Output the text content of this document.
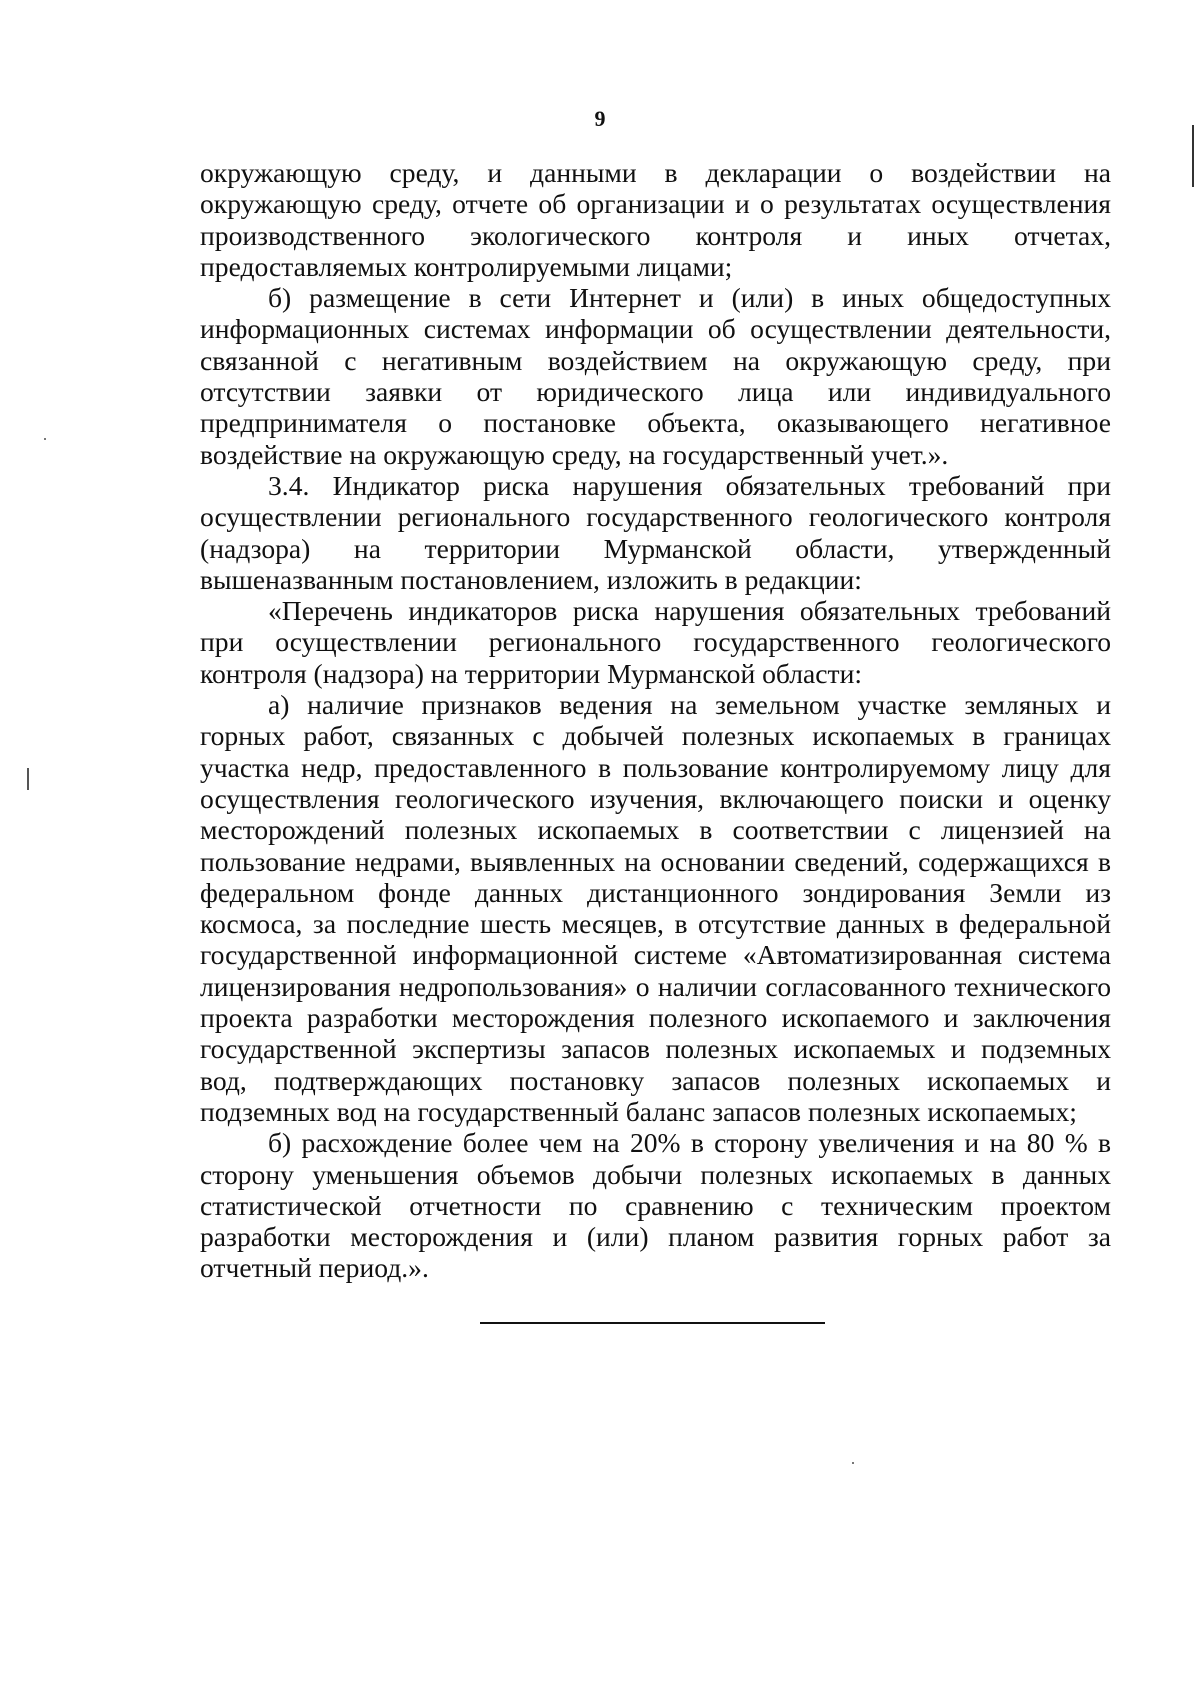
9

окружающую среду, и данными в декларации о воздействии на окружающую среду, отчете об организации и о результатах осуществления производственного экологического контроля и иных отчетах, предоставляемых контролируемыми лицами;

б) размещение в сети Интернет и (или) в иных общедоступных информационных системах информации об осуществлении деятельности, связанной с негативным воздействием на окружающую среду, при отсутствии заявки от юридического лица или индивидуального предпринимателя о постановке объекта, оказывающего негативное воздействие на окружающую среду, на государственный учет.».

3.4. Индикатор риска нарушения обязательных требований при осуществлении регионального государственного геологического контроля (надзора) на территории Мурманской области, утвержденный вышеназванным постановлением, изложить в редакции:

«Перечень индикаторов риска нарушения обязательных требований при осуществлении регионального государственного геологического контроля (надзора) на территории Мурманской области:

а) наличие признаков ведения на земельном участке земляных и горных работ, связанных с добычей полезных ископаемых в границах участка недр, предоставленного в пользование контролируемому лицу для осуществления геологического изучения, включающего поиски и оценку месторождений полезных ископаемых в соответствии с лицензией на пользование недрами, выявленных на основании сведений, содержащихся в федеральном фонде данных дистанционного зондирования Земли из космоса, за последние шесть месяцев, в отсутствие данных в федеральной государственной информационной системе «Автоматизированная система лицензирования недропользования» о наличии согласованного технического проекта разработки месторождения полезного ископаемого и заключения государственной экспертизы запасов полезных ископаемых и подземных вод, подтверждающих постановку запасов полезных ископаемых и подземных вод на государственный баланс запасов полезных ископаемых;

б) расхождение более чем на 20% в сторону увеличения и на 80 % в сторону уменьшения объемов добычи полезных ископаемых в данных статистической отчетности по сравнению с техническим проектом разработки месторождения и (или) планом развития горных работ за отчетный период.».
